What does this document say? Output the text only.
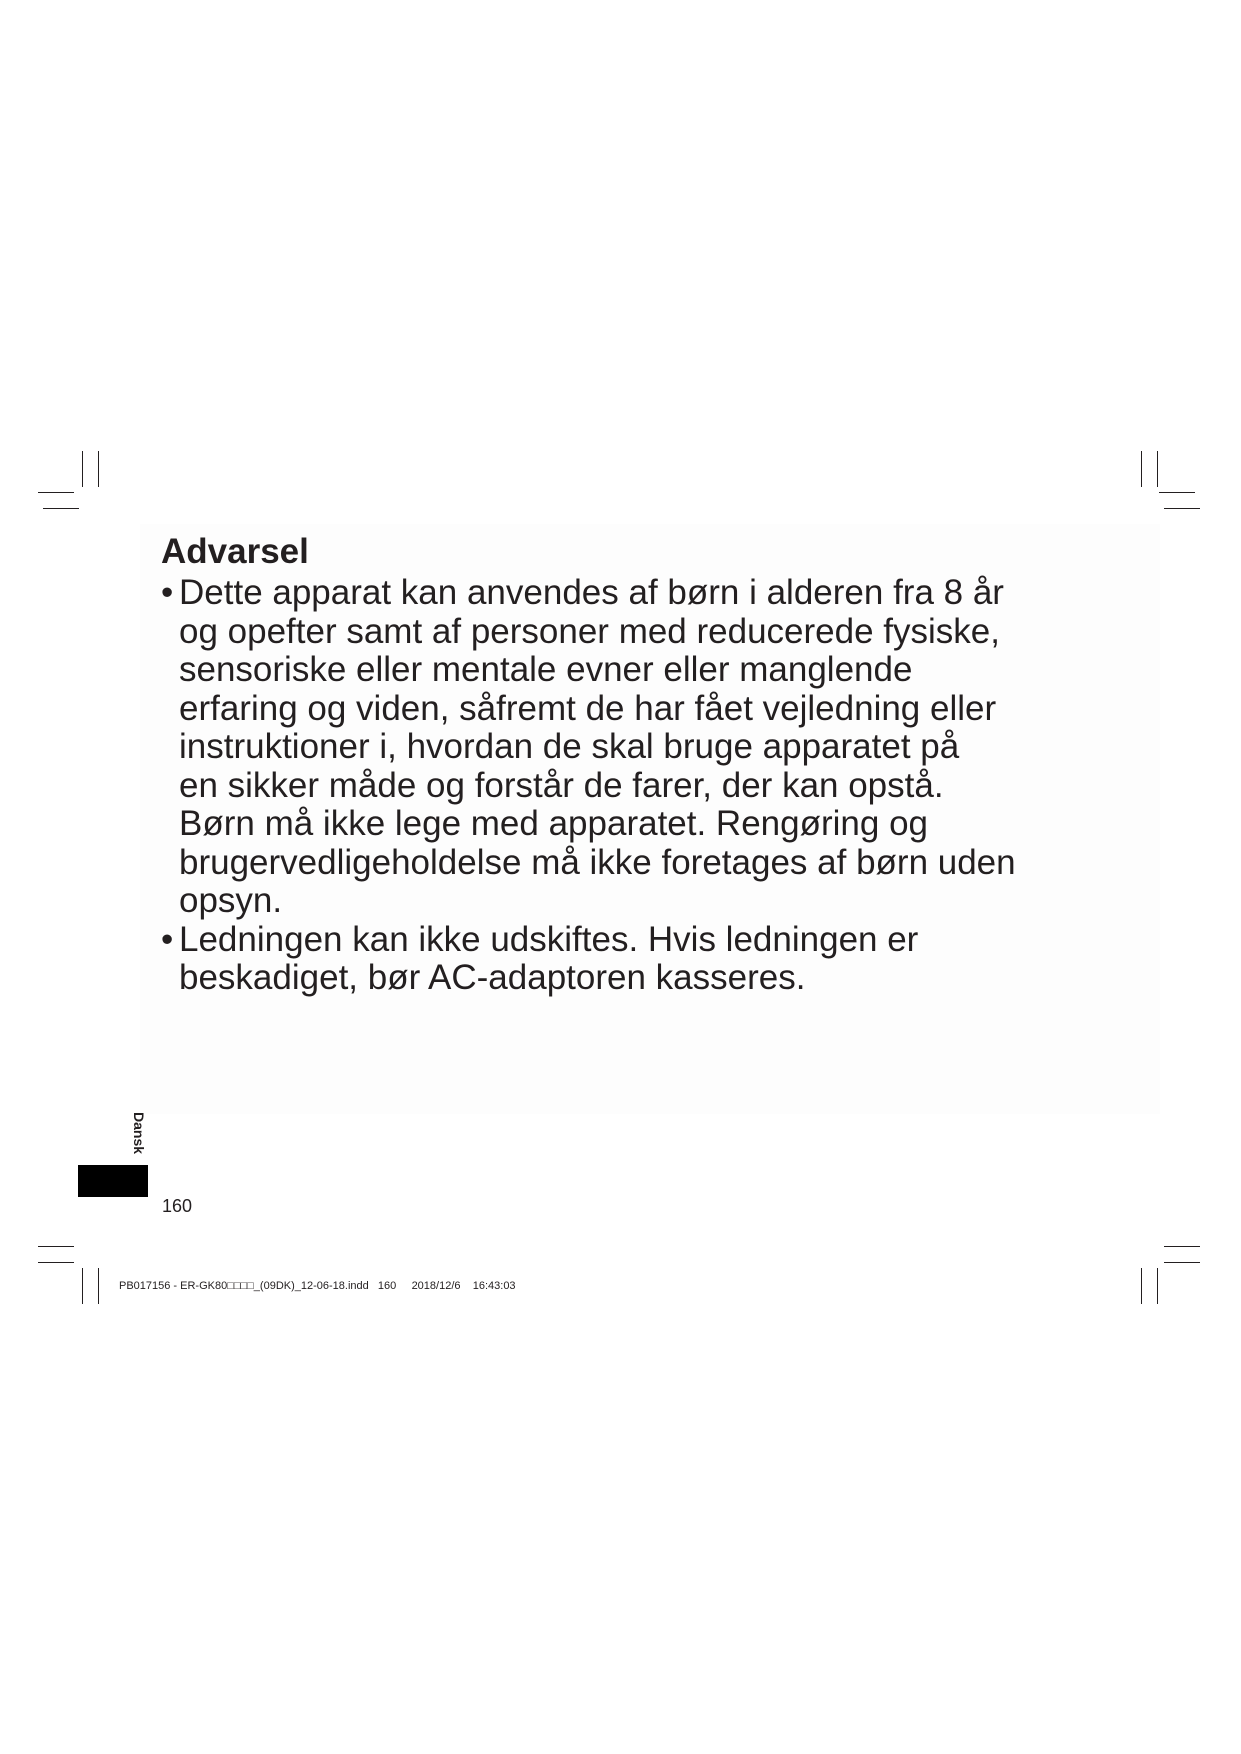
Advarsel
• Dette apparat kan anvendes af børn i alderen fra 8 år
og opefter samt af personer med reducerede fysiske,
sensoriske eller mentale evner eller manglende
erfaring og viden, såfremt de har fået vejledning eller
instruktioner i, hvordan de skal bruge apparatet på
en sikker måde og forstår de farer, der kan opstå.
Børn må ikke lege med apparatet. Rengøring og
brugervedligeholdelse må ikke foretages af børn uden
opsyn.
• Ledningen kan ikke udskiftes. Hvis ledningen er
beskadiget, bør AC-adaptoren kasseres.
Dansk
160
PB017156 - ER-GK80□□□□_(09DK)_12-06-18.indd   160     2018/12/6    16:43:03
